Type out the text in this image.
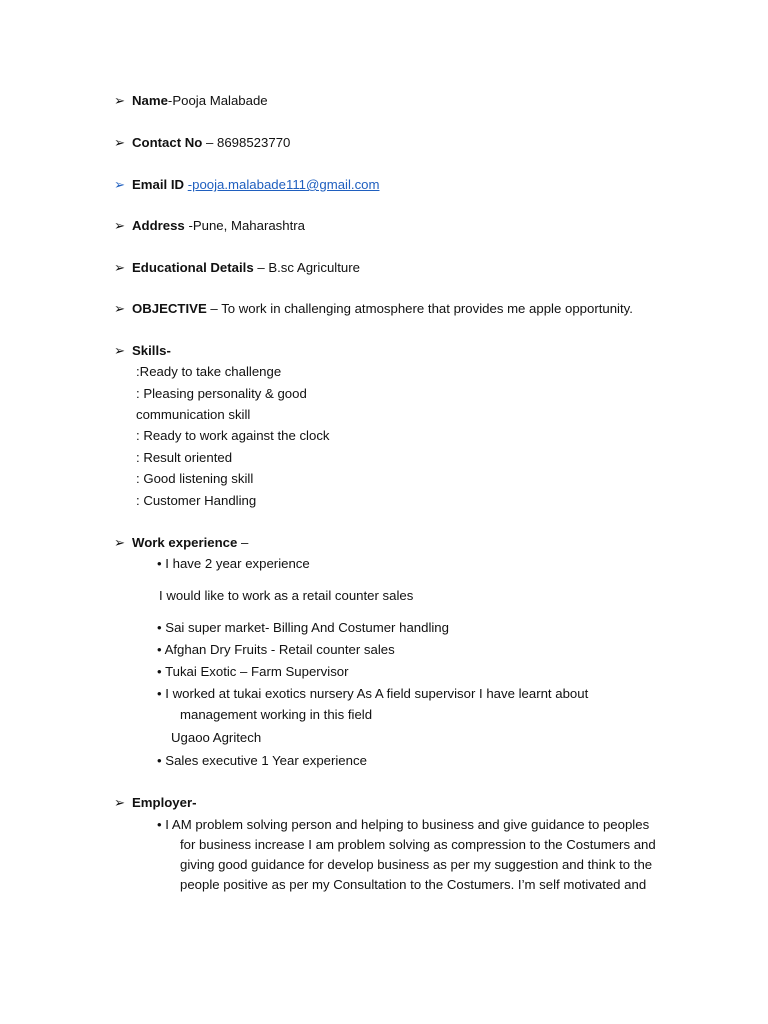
➢ Name-Pooja Malabade
➢ Contact No – 8698523770
➢ Email ID -pooja.malabade111@gmail.com
➢ Address -Pune, Maharashtra
➢ Educational Details – B.sc Agriculture
➢ OBJECTIVE – To work in challenging atmosphere that provides me apple opportunity.
➢ Skills-
:Ready to take challenge
: Pleasing personality & good
communication skill
: Ready to work against the clock
: Result oriented
: Good listening skill
: Customer Handling
➢ Work experience –
• I have 2 year experience
I would like to work as a retail counter sales
• Sai super market- Billing And Costumer handling
• Afghan Dry Fruits - Retail counter sales
• Tukai Exotic – Farm Supervisor
• I worked at tukai exotics nursery As A field supervisor I have learnt about
management working in this field
Ugaoo Agritech
• Sales executive 1 Year experience
➢ Employer-
• I AM problem solving person and helping to business and give guidance to peoples
for business increase I am problem solving as compression to the Costumers and
giving good guidance for develop business as per my suggestion and think to the
people positive as per my Consultation to the Costumers. I’m self motivated and
